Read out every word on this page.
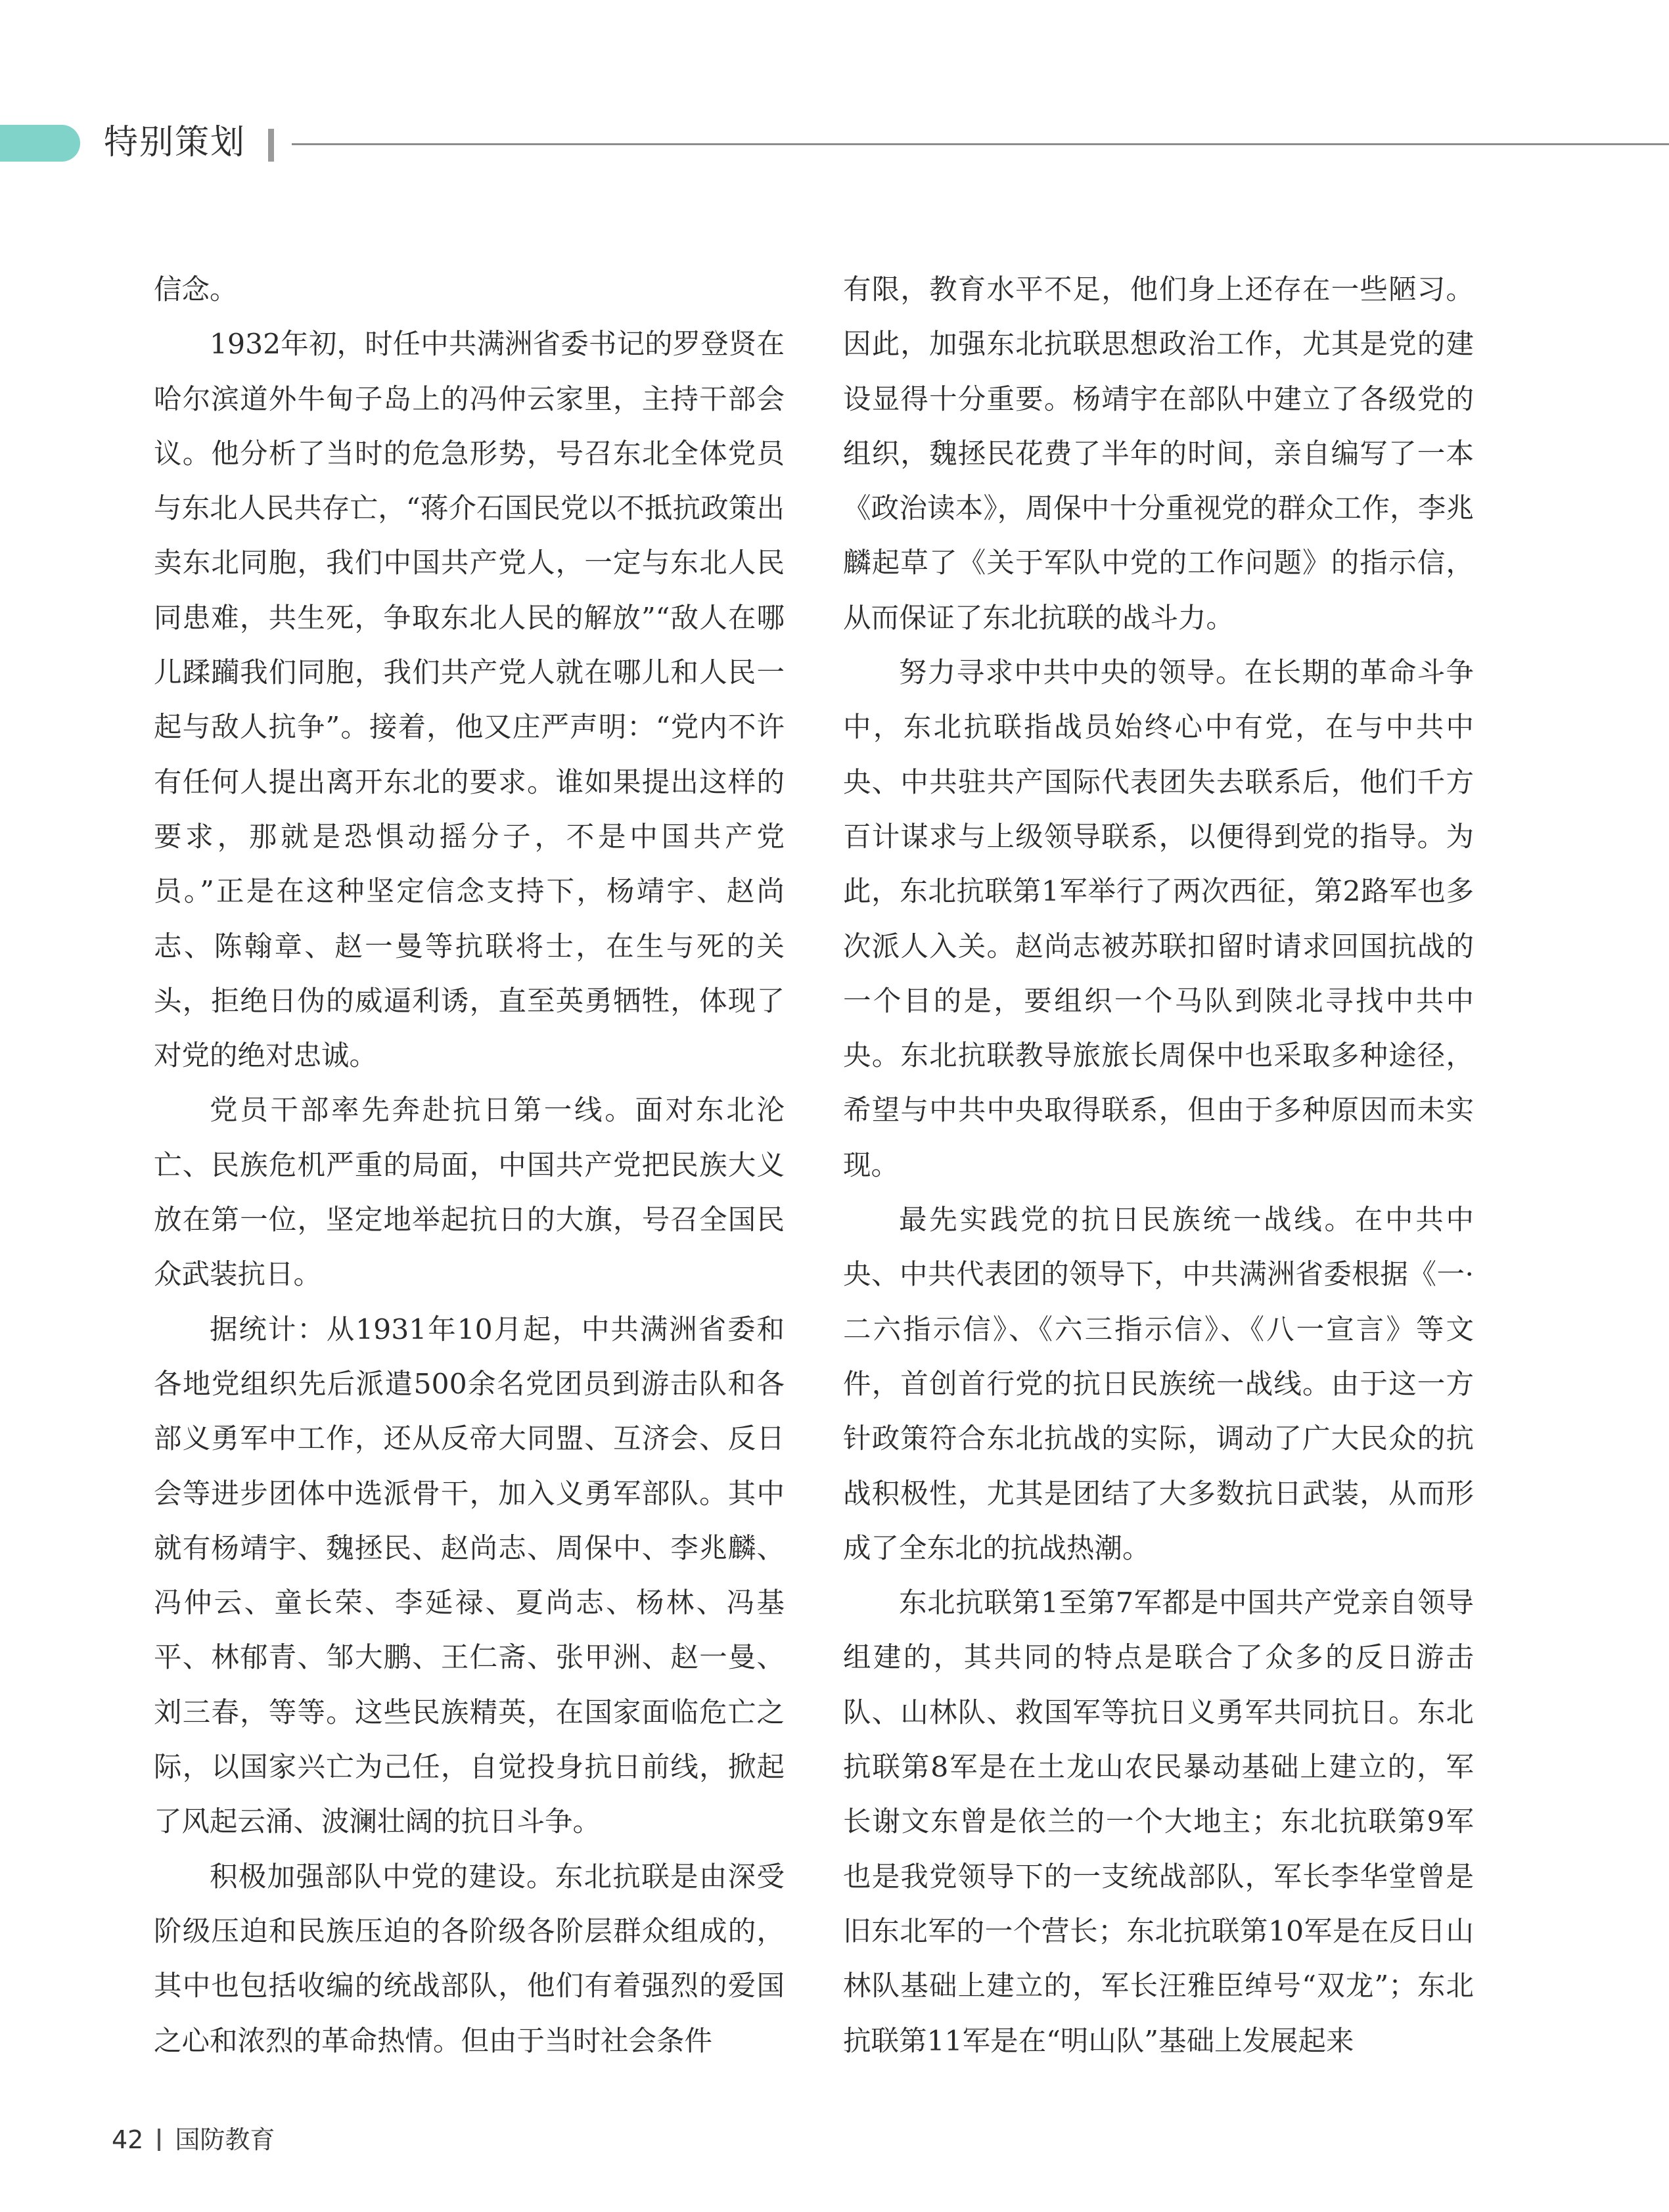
特别策划

信念。

1932年初，时任中共满洲省委书记的罗登贤在哈尔滨道外牛甸子岛上的冯仲云家里，主持干部会议。他分析了当时的危急形势，号召东北全体党员与东北人民共存亡，“蒋介石国民党以不抵抗政策出卖东北同胞，我们中国共产党人，一定与东北人民同患难，共生死，争取东北人民的解放”“敌人在哪儿蹂躏我们同胞，我们共产党人就在哪儿和人民一起与敌人抗争”。接着，他又庄严声明：“党内不许有任何人提出离开东北的要求。谁如果提出这样的要求，那就是恐惧动摇分子，不是中国共产党员。”正是在这种坚定信念支持下，杨靖宇、赵尚志、陈翰章、赵一曼等抗联将士，在生与死的关头，拒绝日伪的威逼利诱，直至英勇牺牲，体现了对党的绝对忠诚。

党员干部率先奔赴抗日第一线。面对东北沦亡、民族危机严重的局面，中国共产党把民族大义放在第一位，坚定地举起抗日的大旗，号召全国民众武装抗日。

据统计：从1931年10月起，中共满洲省委和各地党组织先后派遣500余名党团员到游击队和各部义勇军中工作，还从反帝大同盟、互济会、反日会等进步团体中选派骨干，加入义勇军部队。其中就有杨靖宇、魏拯民、赵尚志、周保中、李兆麟、冯仲云、童长荣、李延禄、夏尚志、杨林、冯基平、林郁青、邹大鹏、王仁斋、张甲洲、赵一曼、刘三春，等等。这些民族精英，在国家面临危亡之际，以国家兴亡为己任，自觉投身抗日前线，掀起了风起云涌、波澜壮阔的抗日斗争。

积极加强部队中党的建设。东北抗联是由深受阶级压迫和民族压迫的各阶级各阶层群众组成的，其中也包括收编的统战部队，他们有着强烈的爱国之心和浓烈的革命热情。但由于当时社会条件

有限，教育水平不足，他们身上还存在一些陋习。因此，加强东北抗联思想政治工作，尤其是党的建设显得十分重要。杨靖宇在部队中建立了各级党的组织，魏拯民花费了半年的时间，亲自编写了一本《政治读本》，周保中十分重视党的群众工作，李兆麟起草了《关于军队中党的工作问题》的指示信，从而保证了东北抗联的战斗力。

努力寻求中共中央的领导。在长期的革命斗争中，东北抗联指战员始终心中有党，在与中共中央、中共驻共产国际代表团失去联系后，他们千方百计谋求与上级领导联系，以便得到党的指导。为此，东北抗联第1军举行了两次西征，第2路军也多次派人入关。赵尚志被苏联扣留时请求回国抗战的一个目的是，要组织一个马队到陕北寻找中共中央。东北抗联教导旅旅长周保中也采取多种途径，希望与中共中央取得联系，但由于多种原因而未实现。

最先实践党的抗日民族统一战线。在中共中央、中共代表团的领导下，中共满洲省委根据《一·二六指示信》、《六三指示信》、《八一宣言》等文件，首创首行党的抗日民族统一战线。由于这一方针政策符合东北抗战的实际，调动了广大民众的抗战积极性，尤其是团结了大多数抗日武装，从而形成了全东北的抗战热潮。

东北抗联第1至第7军都是中国共产党亲自领导组建的，其共同的特点是联合了众多的反日游击队、山林队、救国军等抗日义勇军共同抗日。东北抗联第8军是在土龙山农民暴动基础上建立的，军长谢文东曾是依兰的一个大地主；东北抗联第9军也是我党领导下的一支统战部队，军长李华堂曾是旧东北军的一个营长；东北抗联第10军是在反日山林队基础上建立的，军长汪雅臣绰号“双龙”；东北抗联第11军是在“明山队”基础上发展起来

42 国防教育
